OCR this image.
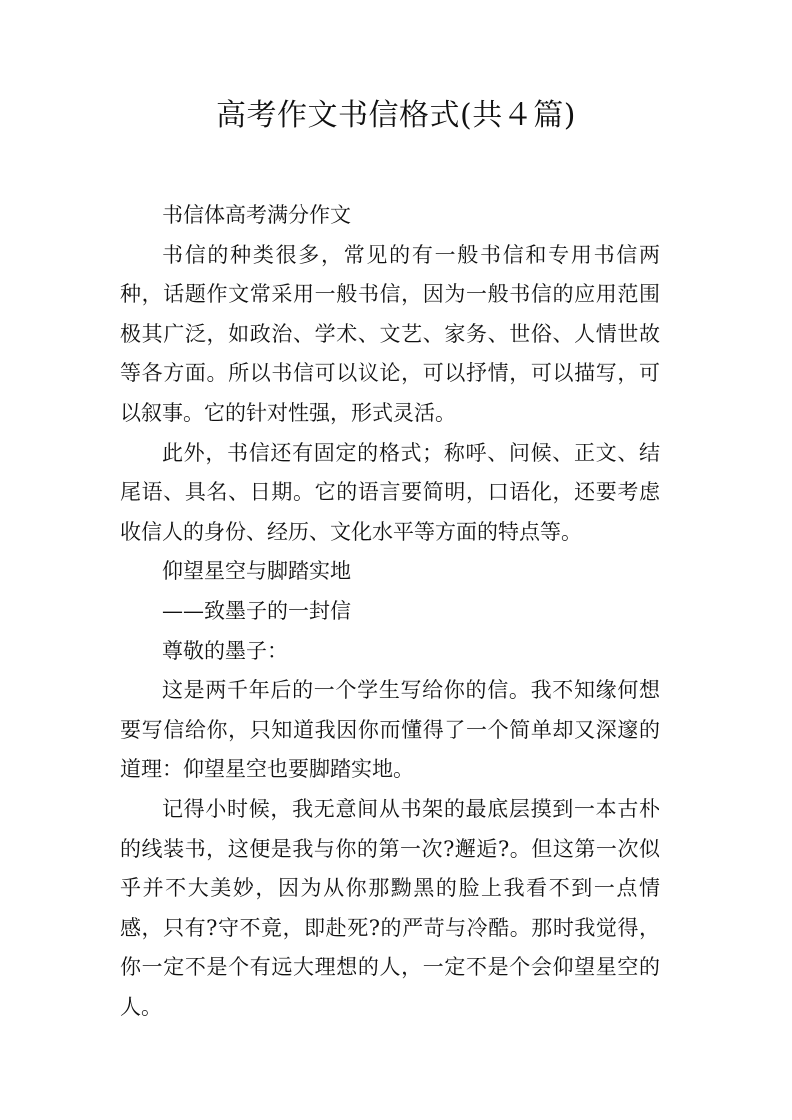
高考作文书信格式(共４篇)

书信体高考满分作文

书信的种类很多，常见的有一般书信和专用书信两种，话题作文常采用一般书信，因为一般书信的应用范围极其广泛，如政治、学术、文艺、家务、世俗、人情世故等各方面。所以书信可以议论，可以抒情，可以描写，可以叙事。它的针对性强，形式灵活。

此外，书信还有固定的格式；称呼、问候、正文、结尾语、具名、日期。它的语言要简明，口语化，还要考虑收信人的身份、经历、文化水平等方面的特点等。

仰望星空与脚踏实地

——致墨子的一封信

尊敬的墨子：

这是两千年后的一个学生写给你的信。我不知缘何想要写信给你，只知道我因你而懂得了一个简单却又深邃的道理：仰望星空也要脚踏实地。

记得小时候，我无意间从书架的最底层摸到一本古朴的线装书，这便是我与你的第一次?邂逅?。但这第一次似乎并不大美妙，因为从你那黝黑的脸上我看不到一点情感，只有?守不竟，即赴死?的严苛与冷酷。那时我觉得，你一定不是个有远大理想的人，一定不是个会仰望星空的人。
